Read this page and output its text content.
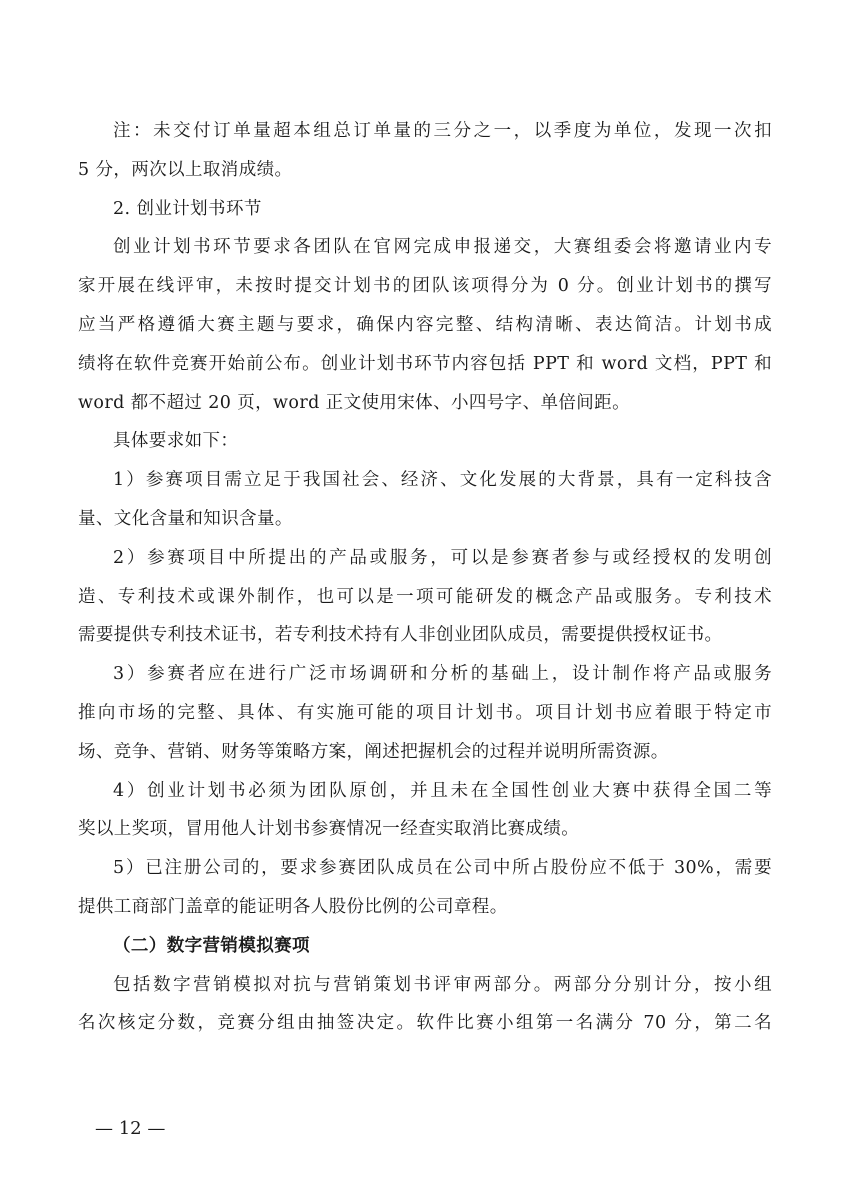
注：未交付订单量超本组总订单量的三分之一，以季度为单位，发现一次扣
5 分，两次以上取消成绩。

2. 创业计划书环节

创业计划书环节要求各团队在官网完成申报递交，大赛组委会将邀请业内专
家开展在线评审，未按时提交计划书的团队该项得分为 0 分。创业计划书的撰写
应当严格遵循大赛主题与要求，确保内容完整、结构清晰、表达简洁。计划书成
绩将在软件竞赛开始前公布。创业计划书环节内容包括 PPT 和 word 文档，PPT 和
word 都不超过 20 页，word 正文使用宋体、小四号字、单倍间距。

具体要求如下：

1）参赛项目需立足于我国社会、经济、文化发展的大背景，具有一定科技含
量、文化含量和知识含量。

2）参赛项目中所提出的产品或服务，可以是参赛者参与或经授权的发明创
造、专利技术或课外制作，也可以是一项可能研发的概念产品或服务。专利技术
需要提供专利技术证书，若专利技术持有人非创业团队成员，需要提供授权证书。

3）参赛者应在进行广泛市场调研和分析的基础上，设计制作将产品或服务
推向市场的完整、具体、有实施可能的项目计划书。项目计划书应着眼于特定市
场、竞争、营销、财务等策略方案，阐述把握机会的过程并说明所需资源。

4）创业计划书必须为团队原创，并且未在全国性创业大赛中获得全国二等
奖以上奖项，冒用他人计划书参赛情况一经查实取消比赛成绩。

5）已注册公司的，要求参赛团队成员在公司中所占股份应不低于 30%，需要
提供工商部门盖章的能证明各人股份比例的公司章程。

（二）数字营销模拟赛项

包括数字营销模拟对抗与营销策划书评审两部分。两部分分别计分，按小组
名次核定分数，竞赛分组由抽签决定。软件比赛小组第一名满分 70 分，第二名

— 12 —
